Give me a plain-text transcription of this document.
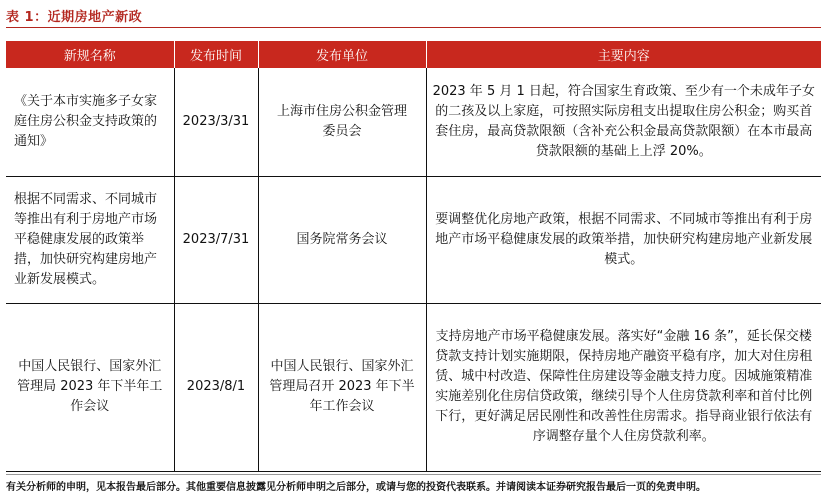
表 1：近期房地产新政
新规名称	发布时间	发布单位	主要内容
《关于本市实施多子女家庭住房公积金支持政策的通知》	2023/3/31	上海市住房公积金管理委员会	2023 年 5 月 1 日起，符合国家生育政策、至少有一个未成年子女的二孩及以上家庭，可按照实际房租支出提取住房公积金；购买首套住房，最高贷款限额（含补充公积金最高贷款限额）在本市最高贷款限额的基础上上浮 20%。
根据不同需求、不同城市等推出有利于房地产市场平稳健康发展的政策举措，加快研究构建房地产业新发展模式。	2023/7/31	国务院常务会议	要调整优化房地产政策，根据不同需求、不同城市等推出有利于房地产市场平稳健康发展的政策举措，加快研究构建房地产业新发展模式。
中国人民银行、国家外汇管理局 2023 年下半年工作会议	2023/8/1	中国人民银行、国家外汇管理局召开 2023 年下半年工作会议	支持房地产市场平稳健康发展。落实好“金融 16 条”，延长保交楼贷款支持计划实施期限，保持房地产融资平稳有序，加大对住房租赁、城中村改造、保障性住房建设等金融支持力度。因城施策精准实施差别化住房信贷政策，继续引导个人住房贷款利率和首付比例下行，更好满足居民刚性和改善性住房需求。指导商业银行依法有序调整存量个人住房贷款利率。
有关分析师的申明，见本报告最后部分。其他重要信息披露见分析师申明之后部分，或请与您的投资代表联系。并请阅读本证券研究报告最后一页的免责申明。
